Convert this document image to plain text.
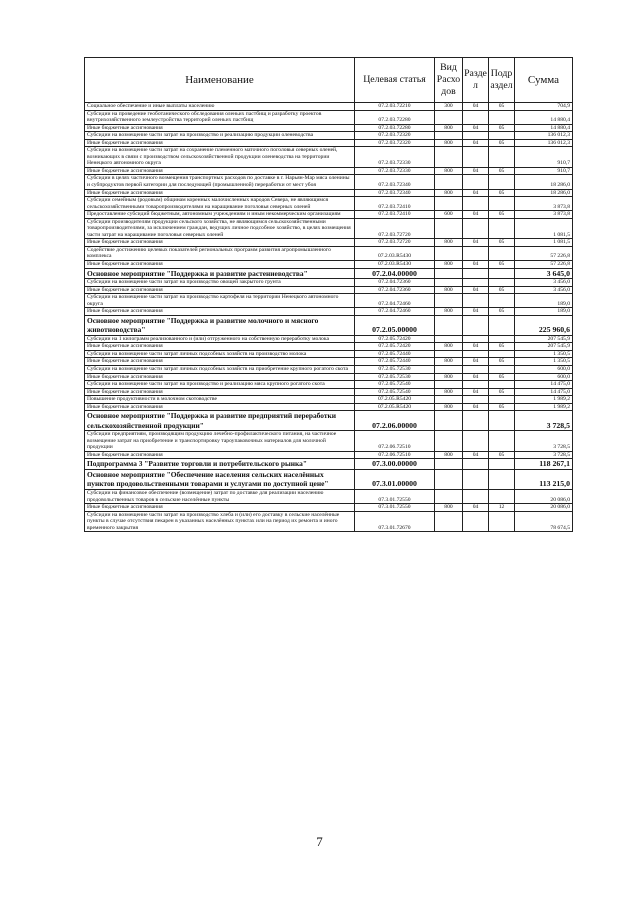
Наименование	Целевая статья	Вид Расхо дов	Разде л	Подр аздел	Сумма
Социальное обеспечение и иные выплаты населению	07.2.03.72210	300	04	05	704,9
Субсидии на проведение геоботанического обследования оленьих пастбищ и разработку проектов внутрихозяйственного землеустройства территорий оленьих пастбищ	07.2.03.72280				14 880,4
Иные бюджетные ассигнования	07.2.03.72280	800	04	05	14 880,4
Субсидии на возмещение части затрат на производство и реализацию продукции оленеводства	07.2.03.72320				136 012,3
Иные бюджетные ассигнования	07.2.03.72320	800	04	05	136 012,3
Субсидии на возмещение части затрат на сохранение племенного маточного поголовья северных оленей, возникающих в связи с производством сельскохозяйственной продукции оленеводства на территории Ненецкого автономного округа	07.2.03.72330				910,7
Иные бюджетные ассигнования	07.2.03.72330	800	04	05	910,7
Субсидии в целях частичного возмещения транспортных расходов по доставке в г. Нарьян-Мар мяса оленины и субпродуктов первой категории для последующей (промышленной) переработки от мест убоя	07.2.03.72340				18 286,0
Иные бюджетные ассигнования	07.2.03.72340	800	04	05	18 286,0
Субсидии семейным (родовым) общинам коренных малочисленных народов Севера, не являющимся сельскохозяйственными товаропроизводителями на наращивание поголовья северных оленей	07.2.03.72410				3 873,8
Предоставление субсидий бюджетным, автономным учреждениям и иным некоммерческим организациям	07.2.03.72410	600	04	05	3 873,8
Субсидии производителям продукции сельского хозяйства, не являющимся сельскохозяйственными товаропроизводителями, за исключением граждан, ведущих личное подсобное хозяйство, в целях возмещения части затрат на наращивание поголовья северных оленей	07.2.03.72720				1 081,5
Иные бюджетные ассигнования	07.2.03.72720	800	04	05	1 081,5
Содействие достижению целевых показателей региональных программ развития агропромышленного комплекса	07.2.03.R5430				57 226,8
Иные бюджетные ассигнования	07.2.03.R5430	800	04	05	57 226,8
Основное мероприятие "Поддержка и развитие растениеводства"	07.2.04.00000				3 645,0
Субсидии на возмещение части затрат на производство овощей закрытого грунта	07.2.04.72360				3 456,0
Иные бюджетные ассигнования	07.2.04.72360	800	04	05	3 456,0
Субсидии на возмещение части затрат на производство картофеля на территории Ненецкого автономного округа	07.2.04.72460				189,0
Иные бюджетные ассигнования	07.2.04.72460	800	04	05	189,0
Основное мероприятие "Поддержка и развитие молочного и мясного животноводства"	07.2.05.00000				225 960,6
Субсидии на 1 килограмм реализованного и (или) отгруженного на собственную переработку молока	07.2.05.72420				207 545,9
Иные бюджетные ассигнования	07.2.05.72420	800	04	05	207 545,9
Субсидии на возмещение части затрат личных подсобных хозяйств на производство молока	07.2.05.72440				1 350,5
Иные бюджетные ассигнования	07.2.05.72440	800	04	05	1 350,5
Субсидии на возмещение части затрат личных подсобных хозяйств на приобретение крупного рогатого скота	07.2.05.72530				600,0
Иные бюджетные ассигнования	07.2.05.72530	800	04	05	600,0
Субсидии на возмещение части затрат на производство и реализацию мяса крупного рогатого скота	07.2.05.72540				14 475,0
Иные бюджетные ассигнования	07.2.05.72540	800	04	05	14 475,0
Повышение продуктивности в молочном скотоводстве	07.2.05.R5420				1 989,2
Иные бюджетные ассигнования	07.2.05.R5420	800	04	05	1 989,2
Основное мероприятие "Поддержка и развитие предприятий переработки сельскохозяйственной продукции"	07.2.06.00000				3 728,5
Субсидии предприятиям, производящим продукцию лечебно-профилактического питания, на частичное возмещение затрат на приобретение и транспортировку тароупаковочных материалов для молочной продукции	07.2.06.72510				3 728,5
Иные бюджетные ассигнования	07.2.06.72510	800	04	05	3 728,5
Подпрограмма 3 "Развитие торговли и потребительского рынка"	07.3.00.00000				118 267,1
Основное мероприятие "Обеспечение населения сельских населённых пунктов продовольственными товарами и услугами по доступной цене"	07.3.01.00000				113 215,0
Субсидии на финансовое обеспечение (возмещение) затрат по доставке для реализации населению продовольственных товаров в сельские населённые пункты	07.3.01.72550				20 086,0
Иные бюджетные ассигнования	07.3.01.72550	800	04	12	20 086,0
Субсидии на возмещение части затрат на производство хлеба и (или) его доставку в сельские населённые пункты в случае отсутствия пекарен в указанных населённых пунктах или на период их ремонта и иного временного закрытия	07.3.01.72670				78 674,5
7
